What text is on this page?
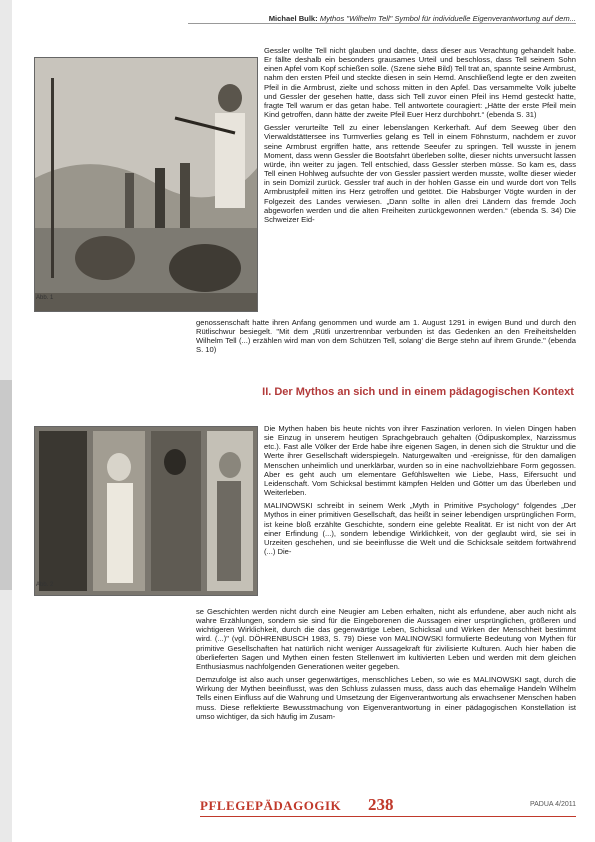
Michael Bulk: Mythos "Wilhelm Tell" Symbol für individuelle Eigenverantwortung auf dem...
Abb. 1
Abb. 2

Gessler wollte Tell nicht glauben und dachte, dass dieser aus Verachtung gehandelt habe. Er fällte deshalb ein besonders grausames Urteil und beschloss, dass Tell seinem Sohn einen Apfel vom Kopf schießen solle. (Szene siehe Bild) Tell trat an, spannte seine Armbrust, nahm den ersten Pfeil und steckte diesen in sein Hemd. Anschließend legte er den zweiten Pfeil in die Armbrust, zielte und schoss mitten in den Apfel. Das versammelte Volk jubelte und Gessler der gesehen hatte, dass sich Tell zuvor einen Pfeil ins Hemd gesteckt hatte, fragte Tell warum er das getan habe. Tell antwortete couragiert: „Hätte der erste Pfeil mein Kind getroffen, dann hätte der zweite Pfeil Euer Herz durchbohrt.“ (ebenda S. 31)

Gessler verurteilte Tell zu einer lebenslangen Kerkerhaft. Auf dem Seeweg über den Vierwaldstättersee ins Turmverlies gelang es Tell in einem Föhnsturm, nachdem er zuvor seine Armbrust ergriffen hatte, ans rettende Seeufer zu springen. Tell wusste in jenem Moment, dass wenn Gessler die Bootsfahrt überleben sollte, dieser nichts unversucht lassen würde, ihn weiter zu jagen. Tell entschied, dass Gessler sterben müsse. So kam es, dass Tell einen Hohlweg aufsuchte der von Gessler passiert werden musste, wollte dieser wieder in sein Domizil zurück. Gessler traf auch in der hohlen Gasse ein und wurde dort von Tells Armbrustpfeil mitten ins Herz getroffen und getötet. Die Habsburger Vögte wurden in der Folgezeit des Landes verwiesen. „Dann sollte in allen drei Ländern das fremde Joch abgeworfen werden und die alten Freiheiten zurückgewonnen werden.“ (ebenda S. 34) Die Schweizer Eid-

genossenschaft hatte ihren Anfang genommen und wurde am 1. August 1291 in ewigen Bund und durch den Rütlischwur besiegelt. "Mit dem „Rütli unzertrennbar verbunden ist das Gedenken an den Freiheitshelden Wilhelm Tell (...) erzählen wird man von dem Schützen Tell, solang' die Berge stehn auf ihrem Grunde." (ebenda S. 10)

II. Der Mythos an sich und in einem pädagogischen Kontext

Die Mythen haben bis heute nichts von ihrer Faszination verloren. In vielen Dingen haben sie Einzug in unserem heutigen Sprachgebrauch gehalten (Ödipuskomplex, Narzissmus etc.). Fast alle Völker der Erde habe ihre eigenen Sagen, in denen sich die Struktur und die Werte ihrer Gesellschaft widerspiegeln. Naturgewalten und -ereignisse, für den damaligen Menschen unheimlich und unerklärbar, wurden so in eine nachvollziehbare Form gegossen. Aber es geht auch um elementare Gefühlswelten wie Liebe, Hass, Eifersucht und Leidenschaft. Vom Schicksal bestimmt kämpfen Helden und Götter um das Überleben und Weiterleben.

MALINOWSKI schreibt in seinem Werk „Myth in Primitive Psychology“ folgendes „Der Mythos in einer primitiven Gesellschaft, das heißt in seiner lebendigen ursprünglichen Form, ist keine bloß erzählte Geschichte, sondern eine gelebte Realität. Er ist nicht von der Art einer Erfindung (...), sondern lebendige Wirklichkeit, von der geglaubt wird, sie sei in Urzeiten geschehen, und sie beeinflusse die Welt und die Schicksale seitdem fortwährend (...) Die-

se Geschichten werden nicht durch eine Neugier am Leben erhalten, nicht als erfundene, aber auch nicht als wahre Erzählungen, sondern sie sind für die Eingeborenen die Aussagen einer ursprünglichen, größeren und wichtigeren Wirklichkeit, durch die das gegenwärtige Leben, Schicksal und Wirken der Menschheit bestimmt wird. (...)" (vgl. DÖHRENBUSCH 1983, S. 79) Diese von MALINOWSKI formulierte Bedeutung von Mythen für primitive Gesellschaften hat natürlich nicht weniger Aussagekraft für zivilisierte Kulturen. Auch hier haben die überlieferten Sagen und Mythen einen festen Stellenwert im kultivierten Leben und werden mit dem gleichen Enthusiasmus nachfolgenden Generationen weiter gegeben.

Demzufolge ist also auch unser gegenwärtiges, menschliches Leben, so wie es MALINOWSKI sagt, durch die Wirkung der Mythen beeinflusst, was den Schluss zulassen muss, dass auch das ehemalige Handeln Wilhelm Tells einen Einfluss auf die Wahrung und Umsetzung der Eigenverantwortung als erwachsener Menschen haben muss. Diese reflektierte Bewusstmachung von Eigenverantwortung in einer pädagogischen Konstellation ist umso wichtiger, da sich häufig im Zusam-

PFLEGEPÄDAGOGIK 238	PADUA 4/2011
